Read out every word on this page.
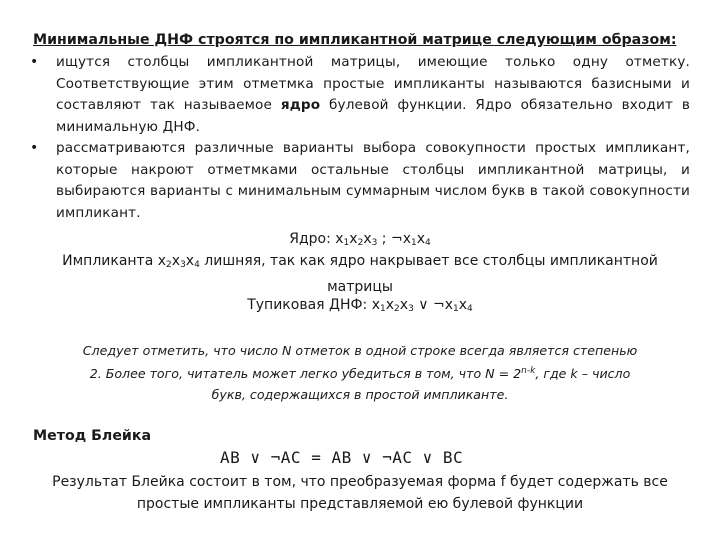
Минимальные ДНФ строятся по импликантной матрице следующим образом:
• ищутся столбцы импликантной матрицы, имеющие только одну отметку. Соответствующие этим отметмка простые импликанты называются базисными и составляют так называемое ядро булевой функции. Ядро обязательно входит в минимальную ДНФ.
• рассматриваются различные варианты выбора совокупности простых импликант, которые накроют отметмками остальные столбцы импликантной матрицы, и выбираются варианты с минимальным суммарным числом букв в такой совокупности импликант.
Ядро: $x_1x_2x_3$ ; $\neg x_1x_4$
Импликанта $x_2x_3x_4$ лишняя, так как ядро накрывает все столбцы импликантной матрицы
Тупиковая ДНФ: $x_1x_2x_3$ ∨ $\neg x_1x_4$
Следует отметить, что число N отметок в одной строке всегда является степенью 2. Более того, читатель может легко убедиться в том, что $N = 2^{n-k}$, где k – число букв, содержащихся в простой импликанте.
Метод Блейка
AB ∨ ¬AC = AB ∨ ¬AC ∨ BC
Результат Блейка состоит в том, что преобразуемая форма f будет содержать все простые импликанты представляемой ею булевой функции
